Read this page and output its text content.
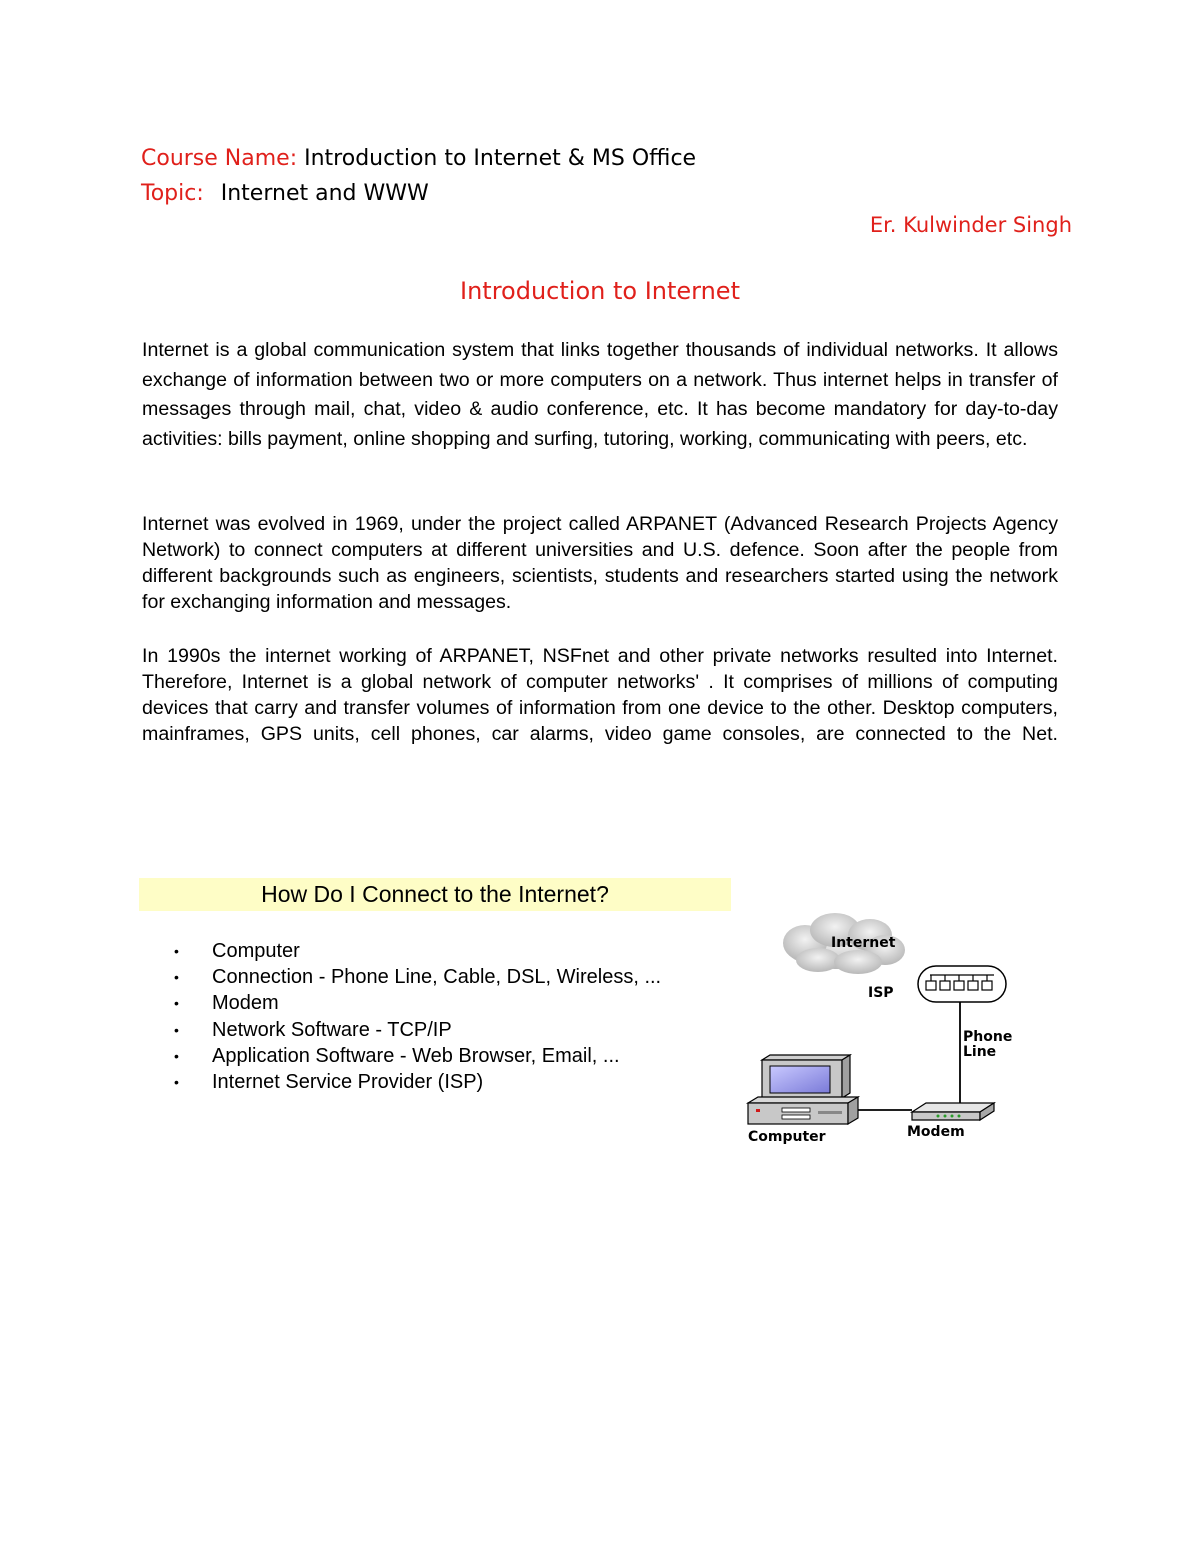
Course Name: Introduction to Internet & MS Office
Topic: Internet and WWW
Er. Kulwinder Singh
Introduction to Internet

Internet is a global communication system that links together thousands of individual networks. It allows exchange of information between two or more computers on a network. Thus internet helps in transfer of messages through mail, chat, video & audio conference, etc. It has become mandatory for day-to-day activities: bills payment, online shopping and surfing, tutoring, working, communicating with peers, etc.

Internet was evolved in 1969, under the project called ARPANET (Advanced Research Projects Agency Network) to connect computers at different universities and U.S. defence. Soon after the people from different backgrounds such as engineers, scientists, students and researchers started using the network for exchanging information and messages.

In 1990s the internet working of ARPANET, NSFnet and other private networks resulted into Internet. Therefore, Internet is a global network of computer networks' . It comprises of millions of computing devices that carry and transfer volumes of information from one device to the other. Desktop computers, mainframes, GPS units, cell phones, car alarms, video game consoles, are connected to the Net.

How Do I Connect to the Internet?
• Computer
• Connection - Phone Line, Cable, DSL, Wireless, ...
• Modem
• Network Software - TCP/IP
• Application Software - Web Browser, Email, ...
• Internet Service Provider (ISP)
Internet
ISP
Phone
Line
Modem
Computer
